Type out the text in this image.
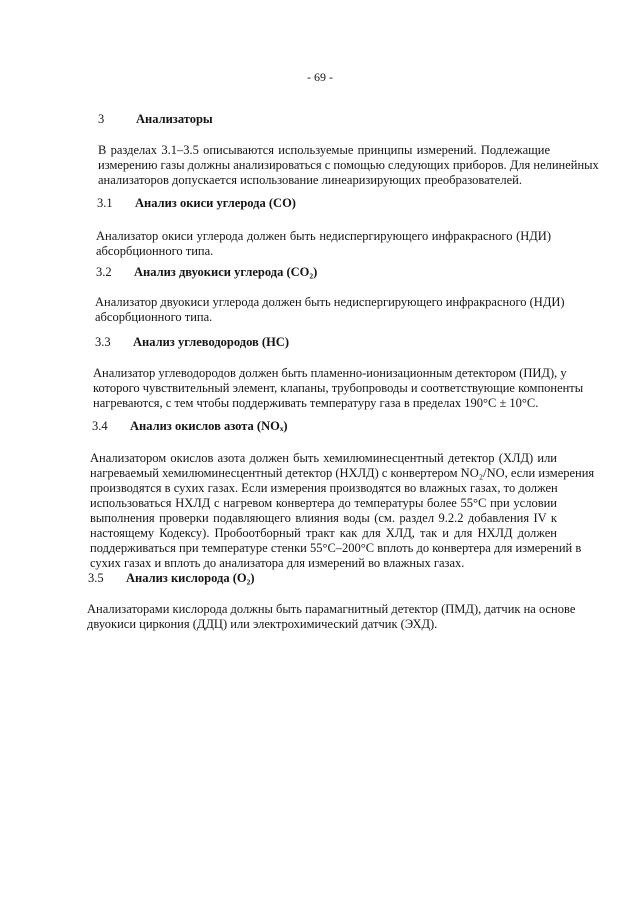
- 69 -
3	Анализаторы

В разделах 3.1–3.5 описываются используемые принципы измерений. Подлежащие

измерению газы должны анализироваться с помощью следующих приборов. Для нелинейных

анализаторов допускается использование линеаризирующих преобразователей.

3.1 Анализ окиси углерода (CO)

Анализатор окиси углерода должен быть недиспергирующего инфракрасного (НДИ)

абсорбционного типа.

3.2 Анализ двуокиси углерода (CO₂)

Анализатор двуокиси углерода должен быть недиспергирующего инфракрасного (НДИ)

абсорбционного типа.

3.3 Анализ углеводородов (HC)

Анализатор углеводородов должен быть пламенно-ионизационным детектором (ПИД), у

которого чувствительный элемент, клапаны, трубопроводы и соответствующие компоненты

нагреваются, с тем чтобы поддерживать температуру газа в пределах 190°C ± 10°C.

3.4 Анализ окислов азота (NOₓ)

Анализатором окислов азота должен быть хемилюминесцентный детектор (ХЛД) или

нагреваемый хемилюминесцентный детектор (НХЛД) с конвертером NO₂/NO, если измерения

производятся в сухих газах. Если измерения производятся во влажных газах, то должен

использоваться НХЛД с нагревом конвертера до температуры более 55°C при условии

выполнения проверки подавляющего влияния воды (см. раздел 9.2.2 добавления IV к

настоящему Кодексу). Пробоотборный тракт как для ХЛД, так и для НХЛД должен

поддерживаться при температуре стенки 55°C–200°C вплоть до конвертера для измерений в

сухих газах и вплоть до анализатора для измерений во влажных газах.

3.5 Анализ кислорода (O₂)

Анализаторами кислорода должны быть парамагнитный детектор (ПМД), датчик на основе

двуокиси циркония (ДДЦ) или электрохимический датчик (ЭХД).
